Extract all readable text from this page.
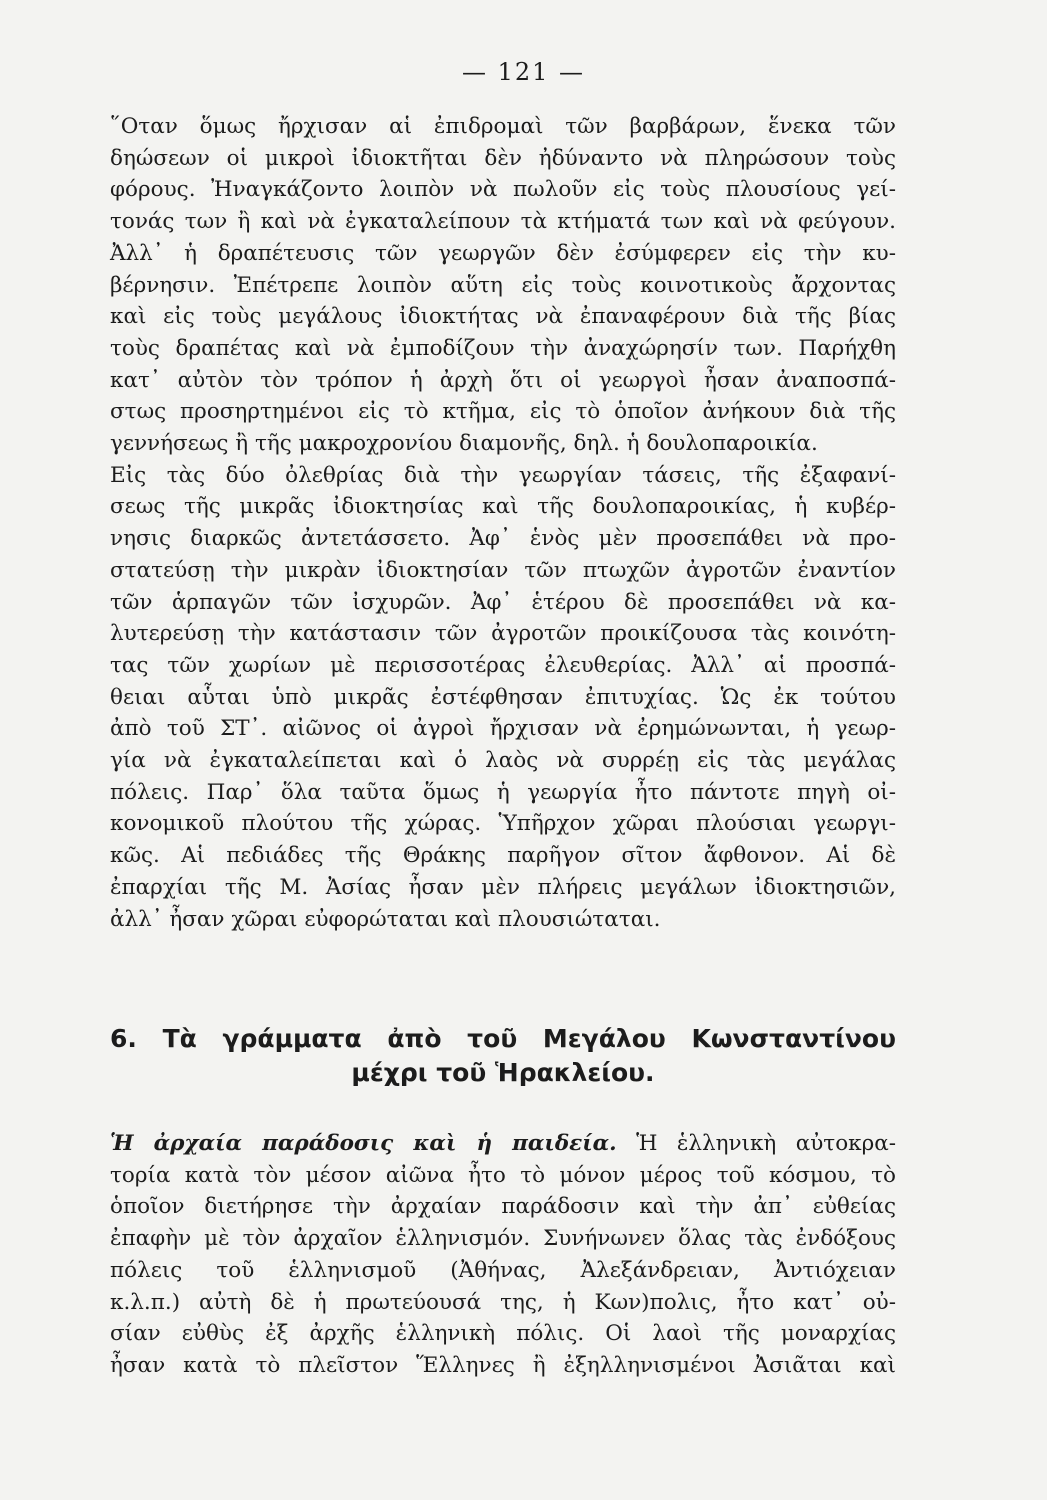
— 121 —
῞Οταν ὅμως ἤρχισαν αἱ ἐπιδρομαὶ τῶν βαρβάρων, ἕνεκα τῶν
δηώσεων οἱ μικροὶ ἰδιοκτῆται δὲν ἠδύναντο νὰ πληρώσουν τοὺς
φόρους. Ἠναγκάζοντο λοιπὸν νὰ πωλοῦν εἰς τοὺς πλουσίους γεί-
τονάς των ἢ καὶ νὰ ἐγκαταλείπουν τὰ κτήματά των καὶ νὰ φεύγουν.
Ἀλλ᾽ ἡ δραπέτευσις τῶν γεωργῶν δὲν ἐσύμφερεν εἰς τὴν κυ-
βέρνησιν. Ἐπέτρεπε λοιπὸν αὕτη εἰς τοὺς κοινοτικοὺς ἄρχοντας
καὶ εἰς τοὺς μεγάλους ἰδιοκτήτας νὰ ἐπαναφέρουν διὰ τῆς βίας
τοὺς δραπέτας καὶ νὰ ἐμποδίζουν τὴν ἀναχώρησίν των. Παρήχθη
κατ᾽ αὐτὸν τὸν τρόπον ἡ ἀρχὴ ὅτι οἱ γεωργοὶ ἦσαν ἀναποσπά-
στως προσηρτημένοι εἰς τὸ κτῆμα, εἰς τὸ ὁποῖον ἀνήκουν διὰ τῆς
γεννήσεως ἢ τῆς μακροχρονίου διαμονῆς, δηλ. ἡ δουλοπαροικία.
Εἰς τὰς δύο ὀλεθρίας διὰ τὴν γεωργίαν τάσεις, τῆς ἐξαφανί-
σεως τῆς μικρᾶς ἰδιοκτησίας καὶ τῆς δουλοπαροικίας, ἡ κυβέρ-
νησις διαρκῶς ἀντετάσσετο. Ἀφ᾽ ἑνὸς μὲν προσεπάθει νὰ προ-
στατεύσῃ τὴν μικρὰν ἰδιοκτησίαν τῶν πτωχῶν ἀγροτῶν ἐναντίον
τῶν ἁρπαγῶν τῶν ἰσχυρῶν. Ἀφ᾽ ἑτέρου δὲ προσεπάθει νὰ κα-
λυτερεύσῃ τὴν κατάστασιν τῶν ἀγροτῶν προικίζουσα τὰς κοινότη-
τας τῶν χωρίων μὲ περισσοτέρας ἐλευθερίας. Ἀλλ᾽ αἱ προσπά-
θειαι αὗται ὑπὸ μικρᾶς ἐστέφθησαν ἐπιτυχίας. Ὡς ἐκ τούτου
ἀπὸ τοῦ ΣΤ᾽. αἰῶνος οἱ ἀγροὶ ἤρχισαν νὰ ἐρημώνωνται, ἡ γεωρ-
γία νὰ ἐγκαταλείπεται καὶ ὁ λαὸς νὰ συρρέῃ εἰς τὰς μεγάλας
πόλεις. Παρ᾽ ὅλα ταῦτα ὅμως ἡ γεωργία ἦτο πάντοτε πηγὴ οἰ-
κονομικοῦ πλούτου τῆς χώρας. Ὑπῆρχον χῶραι πλούσιαι γεωργι-
κῶς. Αἱ πεδιάδες τῆς Θράκης παρῆγον σῖτον ἄφθονον. Αἱ δὲ
ἐπαρχίαι τῆς Μ. Ἀσίας ἦσαν μὲν πλήρεις μεγάλων ἰδιοκτησιῶν,
ἀλλ᾽ ἦσαν χῶραι εὐφορώταται καὶ πλουσιώταται.
6. Τὰ γράμματα ἀπὸ τοῦ Μεγάλου Κωνσταντίνου
μέχρι τοῦ Ἡρακλείου.
Ἡ ἀρχαία παράδοσις καὶ ἡ παιδεία. Ἡ ἑλληνικὴ αὐτοκρα-
τορία κατὰ τὸν μέσον αἰῶνα ἦτο τὸ μόνον μέρος τοῦ κόσμου, τὸ
ὁποῖον διετήρησε τὴν ἀρχαίαν παράδοσιν καὶ τὴν ἀπ᾽ εὐθείας
ἐπαφὴν μὲ τὸν ἀρχαῖον ἑλληνισμόν. Συνήνωνεν ὅλας τὰς ἐνδόξους
πόλεις τοῦ ἑλληνισμοῦ (Ἀθήνας, Ἀλεξάνδρειαν, Ἀντιόχειαν
κ.λ.π.) αὐτὴ δὲ ἡ πρωτεύουσά της, ἡ Κων)πολις, ἦτο κατ᾽ οὐ-
σίαν εὐθὺς ἐξ ἀρχῆς ἑλληνικὴ πόλις. Οἱ λαοὶ τῆς μοναρχίας
ἦσαν κατὰ τὸ πλεῖστον Ἕλληνες ἢ ἐξηλληνισμένοι Ἀσιᾶται καὶ
